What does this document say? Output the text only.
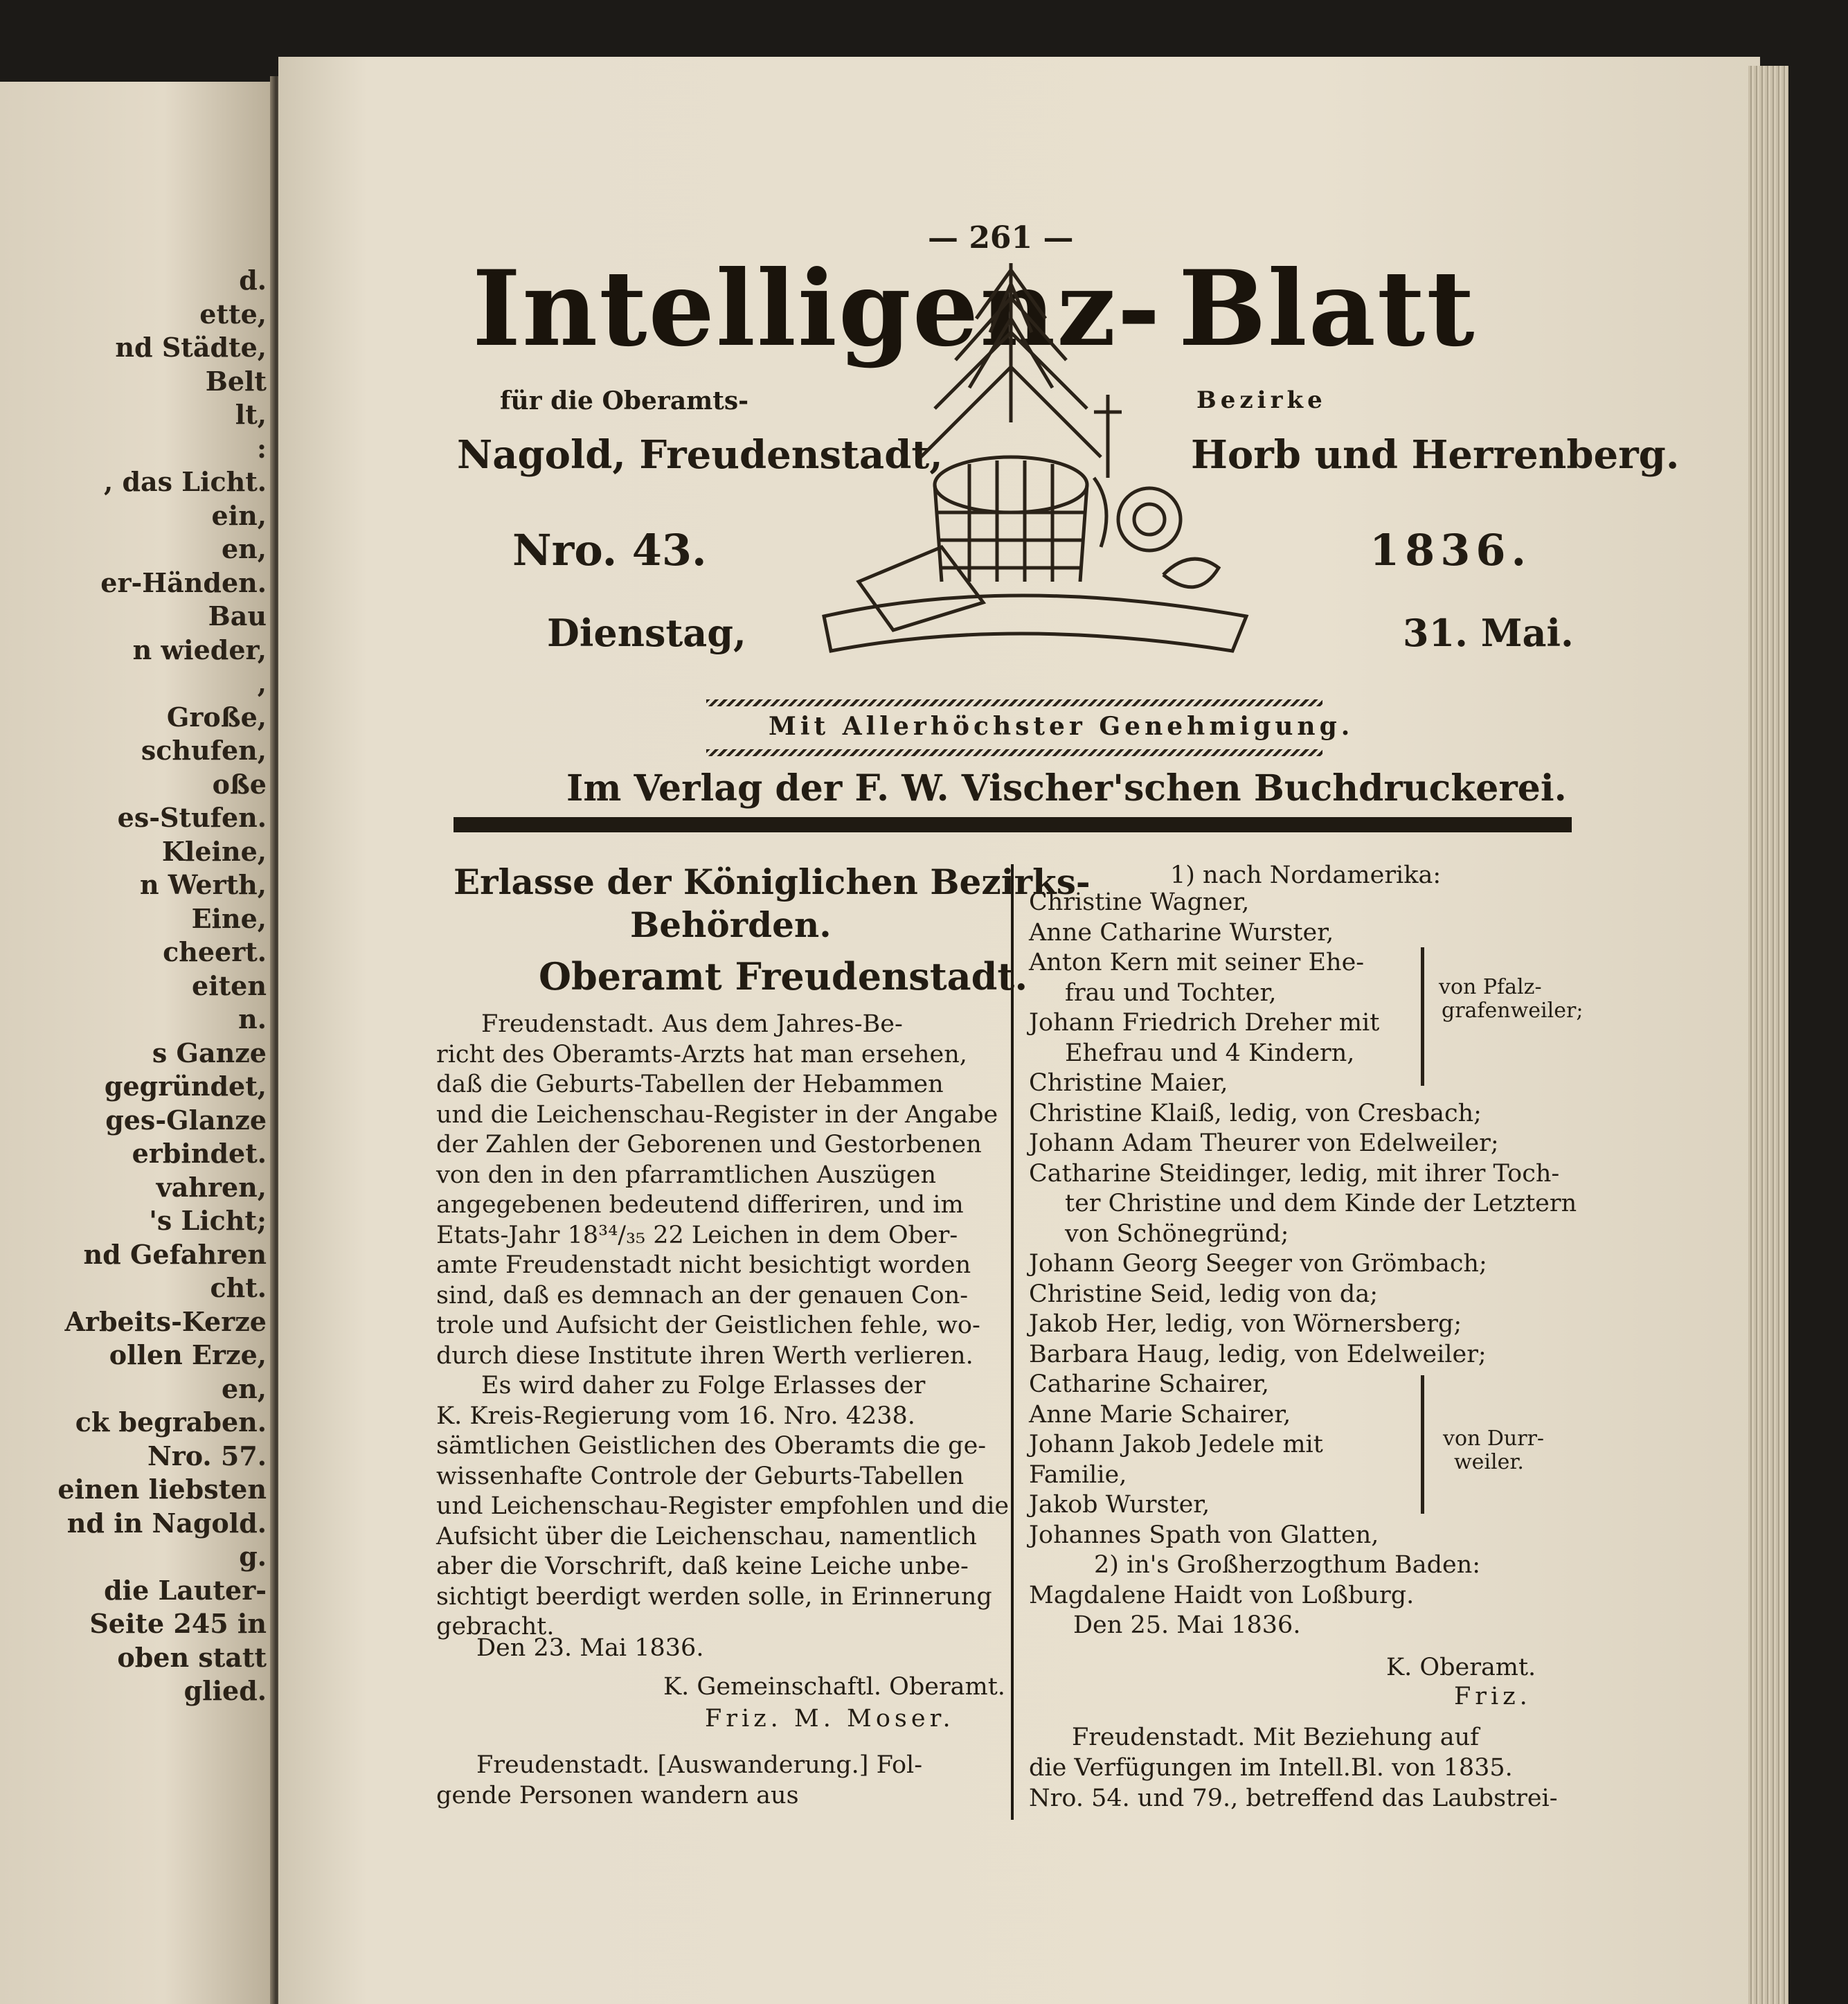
d.
ette,
nd Städte,
Belt
lt,
:
, das Licht.
ein,
en,
er-Händen.
Bau
n wieder,
,
Große,
schufen,
oße
es-Stufen.
Kleine,
n Werth,
Eine,
cheert.
eiten
n.
s Ganze
gegründet,
ges-Glanze
erbindet.
vahren,
's Licht;
nd Gefahren
cht.
Arbeits-Kerze
ollen Erze,
en,
ck begraben.
Nro. 57.
einen liebsten
nd in Nagold.
g.
die Lauter-
Seite 245 in
oben statt
glied.
— 261 —
Intelligenz- Blatt
für die Oberamts-	Bezirke
Nagold, Freudenstadt,	Horb und Herrenberg.
Nro. 43.	1836.
Dienstag,	31. Mai.
Mit Allerhöchster Genehmigung.
Im Verlag der F. W. Vischer'schen Buchdruckerei.
Erlasse der Königlichen Bezirks-
Behörden.
Oberamt Freudenstadt.
Freudenstadt. Aus dem Jahres-Be-
richt des Oberamts-Arzts hat man ersehen,
daß die Geburts-Tabellen der Hebammen
und die Leichenschau-Register in der Angabe
der Zahlen der Geborenen und Gestorbenen
von den in den pfarramtlichen Auszügen
angegebenen bedeutend differiren, und im
Etats-Jahr 18³⁴/₃₅ 22 Leichen in dem Ober-
amte Freudenstadt nicht besichtigt worden
sind, daß es demnach an der genauen Con-
trole und Aufsicht der Geistlichen fehle, wo-
durch diese Institute ihren Werth verlieren.
Es wird daher zu Folge Erlasses der
K. Kreis-Regierung vom 16. Nro. 4238.
sämtlichen Geistlichen des Oberamts die ge-
wissenhafte Controle der Geburts-Tabellen
und Leichenschau-Register empfohlen und die
Aufsicht über die Leichenschau, namentlich
aber die Vorschrift, daß keine Leiche unbe-
sichtigt beerdigt werden solle, in Erinnerung
gebracht.
Den 23. Mai 1836.
K. Gemeinschaftl. Oberamt.
Friz. M. Moser.
Freudenstadt. [Auswanderung.] Fol-
gende Personen wandern aus
1) nach Nordamerika:
Christine Wagner,
Anne Catharine Wurster,
Anton Kern mit seiner Ehe-
frau und Tochter,
Johann Friedrich Dreher mit
Ehefrau und 4 Kindern,
Christine Maier,
Christine Klaiß, ledig, von Cresbach;
Johann Adam Theurer von Edelweiler;
Catharine Steidinger, ledig, mit ihrer Toch-
ter Christine und dem Kinde der Letztern
von Schönegründ;
Johann Georg Seeger von Grömbach;
Christine Seid, ledig von da;
Jakob Her, ledig, von Wörnersberg;
Barbara Haug, ledig, von Edelweiler;
Catharine Schairer,
Anne Marie Schairer,
Johann Jakob Jedele mit
Familie,
Jakob Wurster,
Johannes Spath von Glatten,
2) in's Großherzogthum Baden:
Magdalene Haidt von Loßburg.
Den 25. Mai 1836.
von Pfalz-
grafenweiler;
von Durr-
weiler.
K. Oberamt.
Friz.
Freudenstadt. Mit Beziehung auf
die Verfügungen im Intell.Bl. von 1835.
Nro. 54. und 79., betreffend das Laubstrei-
